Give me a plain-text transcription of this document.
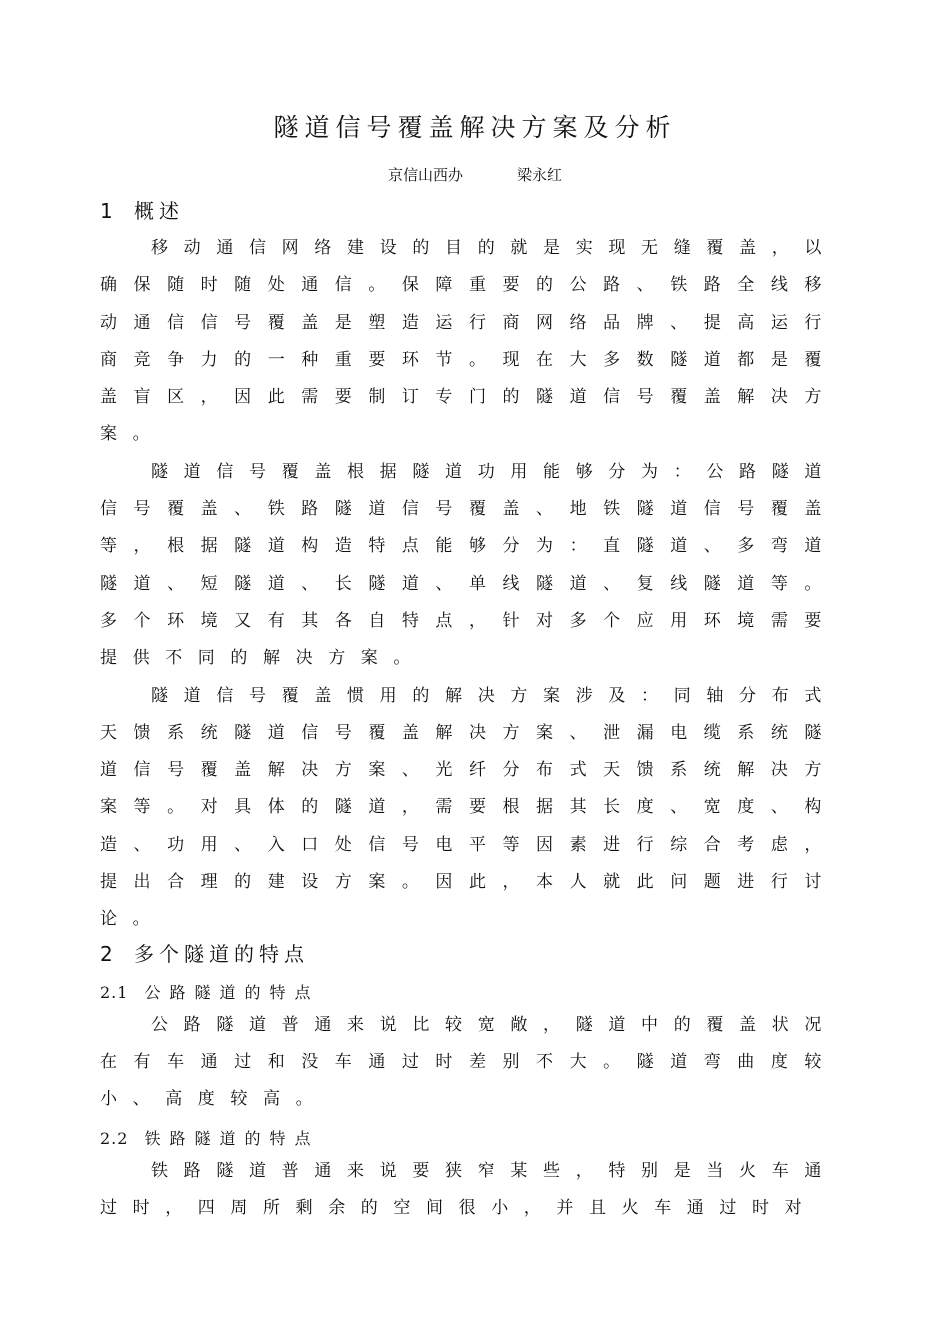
隧道信号覆盖解决方案及分析
京信山西办	梁永红
1 概述

移动通信网络建设的目的就是实现无缝覆盖，以确保随时随处通信。保障重要的公路、铁路全线移动通信信号覆盖是塑造运行商网络品牌、提高运行商竞争力的一种重要环节。现在大多数隧道都是覆盖盲区，因此需要制订专门的隧道信号覆盖解决方案。

隧道信号覆盖根据隧道功用能够分为：公路隧道信号覆盖、铁路隧道信号覆盖、地铁隧道信号覆盖等，根据隧道构造特点能够分为：直隧道、多弯道隧道、短隧道、长隧道、单线隧道、复线隧道等。多个环境又有其各自特点，针对多个应用环境需要提供不同的解决方案。

隧道信号覆盖惯用的解决方案涉及：同轴分布式天馈系统隧道信号覆盖解决方案、泄漏电缆系统隧道信号覆盖解决方案、光纤分布式天馈系统解决方案等。对具体的隧道，需要根据其长度、宽度、构造、功用、入口处信号电平等因素进行综合考虑，提出合理的建设方案。因此，本人就此问题进行讨论。

2 多个隧道的特点
2.1 公路隧道的特点

公路隧道普通来说比较宽敞，隧道中的覆盖状况在有车通过和没车通过时差别不大。隧道弯曲度较小、高度较高。

2.2 铁路隧道的特点

铁路隧道普通来说要狭窄某些，特别是当火车通过时，四周所剩余的空间很小，并且火车通过时对
